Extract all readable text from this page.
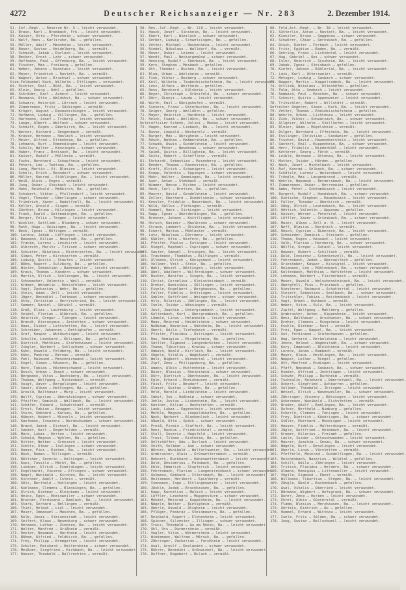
4272	Deutscher Reichsanzeiger — Nr. 283	2. Dezember 1914.
51. Inf.-Regt. — Reserve Nr. 5 — leicht verwundet.
52. Braun, Karl — Brombach, Frk. — leicht verwundet.
53. Kaiser, Otto — Pforzheim — schwer verwundet.
54. Wolf, Hans — Karlsruhe, Ba. — gefallen.
55. Müller, Adolf — Mannheim — leicht verwundet.
56. Bauer, Gustav — Heidelberg, Ba. — vermißt.
57. Schmidt, Jakob — Durlach — leicht verwundet.
58. Becker, Ernst — Lahr — schwer verwundet.
59. Hoffmann, Paul — Offenburg, Ba. — leicht verwundet.
60. Fischer, Max — Freiburg — gefallen.
61. Weber, Johann — Konstanz — leicht verwundet.
62. Meyer, Friedrich — Rastatt, Ba. — vermißt.
63. Wagner, Anton — Bruchsal — schwer verwundet.
Vize-Feldwebel Koch, Wilhelm — Ettlingen — verwundet.
64. Richter, Emil — Bühl, Ba. — leicht verwundet.
65. Klein, Georg — Kehl — gefallen.
66. Schröder, Karl — Achern — leicht verwundet.
67. Neumann, Otto — Waldshut, Ba. — schwer verwundet.
68. Schwarz, Heinrich — Lörrach — leicht verwundet.
69. Zimmermann, Fritz — Säckingen — vermißt.
70. Krüger, August — Donaueschingen — leicht verwundet.
71. Hofmann, Ludwig — Villingen, Ba. — gefallen.
72. Hartmann, Josef — Triberg — leicht verwundet.
73. Lange, Albert — Wolfach — schwer verwundet.
74. Schmitt, Eugen — Oberkirch, Ba. — leicht verwundet.
75. Werner, Richard — Gengenbach — vermißt.
76. Krause, Hermann — Haslach — leicht verwundet.
77. Meier, Alfred — Ettenheim, Ba. — gefallen.
78. Lehmann, Kurt — Emmendingen — leicht verwundet.
79. Schulz, Walter — Kenzingen — schwer verwundet.
80. Huber, Franz — Breisach, Ba. — leicht verwundet.
81. Kaiser, Rudolf — Müllheim — vermißt.
82. Fuchs, Bernhard — Schopfheim — leicht verwundet.
83. Peters, Leo — Todtnau, Ba. — gefallen.
84. Lang, Martin — St. Blasien — leicht verwundet.
85. Scholz, Erich — Bonndorf — schwer verwundet.
86. Möller, Konrad — Stühlingen, Ba. — leicht verwundet.
87. Weiß, Alois — Engen — vermißt.
88. Jung, Oskar — Stockach — leicht verwundet.
89. Hahn, Reinhold — Meßkirch, Ba. — gefallen.
90. Schubert, Viktor — Pfullendorf — leicht verwundet.
91. Vogel, Theodor — Überlingen — schwer verwundet.
92. Friedrich, Xaver — Radolfzell, Ba. — leicht verwundet.
93. Keller, Arnold — Singen — vermißt.
94. Günther, Bruno — Hilzingen — leicht verwundet.
95. Frank, Ewald — Gottmadingen, Ba. — gefallen.
96. Berger, Felix — Tengen — leicht verwundet.
97. Winkler, Gottlieb — Blumberg — schwer verwundet.
98. Roth, Hugo — Geisingen, Ba. — leicht verwundet.
99. Beck, Ignaz — Hüfingen — vermißt.
100. Lorenz, Jakob — Löffingen — leicht verwundet.
101. Baumann, Kilian — Neustadt, Ba. — gefallen.
102. Franke, Lorenz — Lenzkirch — leicht verwundet.
103. Albrecht, Moritz — Titisee — schwer verwundet.
104. Schuster, Nikolaus — Hinterzarten, Ba. — leicht verwundet.
105. Simon, Peter — Kirchzarten — vermißt.
106. Ludwig, Quirin — Staufen — leicht verwundet.
107. Böhm, Rupert — Sulzburg, Ba. — gefallen.
108. Winter, Sebastian — Badenweiler — leicht verwundet.
109. Kraus, Thomas — Kandern — schwer verwundet.
110. Martin, Ulrich — Schliengen, Ba. — leicht verwundet.
111. Schumacher, Valentin — Weil — vermißt.
112. Krämer, Wendelin — Rheinfelden — leicht verwundet.
113. Vogt, Zacharias — Wehr, Ba. — gefallen.
114. Stein, Adam — Zell — leicht verwundet.
115. Jäger, Benedikt — Todtmoos — schwer verwundet.
116. Otto, Christian — Herrischried, Ba. — leicht verwundet.
117. Sommer, Daniel — Görwihl — vermißt.
118. Groß, Elias — Laufenburg — leicht verwundet.
119. Seidel, Florian — Albbruck, Ba. — gefallen.
120. Heinrich, Gregor — Tiengen — leicht verwundet.
121. Brandt, Hieronymus — Jestetten — schwer verwundet.
122. Haas, Isidor — Lottstetten, Ba. — leicht verwundet.
123. Schreiber, Johannes — Dettighofen — vermißt.
124. Graf, Kaspar — Wutöschingen — leicht verwundet.
125. Schulte, Leonhard — Ühlingen, Ba. — gefallen.
126. Dietrich, Matthias — Grafenhausen — leicht verwundet.
127. Ziegler, Norbert — Schluchsee — schwer verwundet.
128. Kuhn, Oswald — Feldberg, Ba. — leicht verwundet.
129. Kühn, Pankraz — Bernau — vermißt.
130. Pohl, Raimund — Menzenschwand — leicht verwundet.
131. Engel, Simon — Häusern, Ba. — gefallen.
132. Horn, Tobias — Höchenschwand — leicht verwundet.
133. Busch, Urban — Ibach — schwer verwundet.
134. Bergmann, Vitus — Dachsberg, Ba. — leicht verwundet.
135. Thomas, Wolfgang — Rickenbach — vermißt.
136. Voigt, Xaver — Bergalingen — leicht verwundet.
137. Sauer, Alban — Hottingen, Ba. — gefallen.
138. Arnold, Balthasar — Murg — leicht verwundet.
139. Wolff, Cyprian — Obersäckingen — schwer verwundet.
140. Pfeiffer, Dominik — Wallbach, Ba. — leicht verwundet.
141. Schäfer, Eduard — Schwörstadt — vermißt.
142. Ernst, Fabian — Beuggen — leicht verwundet.
143. Sturm, Gebhard — Karsau, Ba. — gefallen.
144. Hübner, Hubert — Minseln — leicht verwundet.
145. Kaufmann, Innozenz — Nordschwaben — schwer verwundet.
146. Brand, Jodok — Eichsel, Ba. — leicht verwundet.
147. Sander, Karl — Degerfelden — vermißt.
148. Marx, Lukas — Herten — leicht verwundet.
149. Schmid, Magnus — Wyhlen, Ba. — gefallen.
150. Ritter, Notker — Grenzach — leicht verwundet.
151. Schütz, Otmar — Inzlingen — schwer verwundet.
152. Haase, Pius — Riehen, Ba. — leicht verwundet.
153. Bock, Roman — Tüllingen — vermißt.
154. Böttcher, Severin — Haltingen — leicht verwundet.
155. Kunz, Tassilo — Märkt, Ba. — gefallen.
156. Lindner, Ulrich — Eimeldingen — leicht verwundet.
157. Engelhardt, Vinzenz — Efringen — schwer verwundet.
158. Nagel, Wunibald — Kirchen, Ba. — leicht verwundet.
159. Kirchner, Adolf — Istein — vermißt.
160. Götz, Berthold — Huttingen — leicht verwundet.
161. Kuhlmann, Clemens — Blansingen, Ba. — gefallen.
162. Ulrich, Dietmar — Kleinkems — leicht verwundet.
163. Heinz, Egon — Rheinweiler — schwer verwundet.
164. Brunner, Ferdinand — Bamlach, Ba. — leicht verwundet.
165. Stark, Gerhard — Bellingen — vermißt.
166. Thiel, Helmut — Liel — leicht verwundet.
167. Maier, Immanuel — Mauchen, Ba. — gefallen.
168. Kolb, Jonas — Steinenstadt — leicht verwundet.
169. Seifert, Klaus — Neuenburg — schwer verwundet.
170. Hermann, Lothar — Zienken, Ba. — leicht verwundet.
171. Walter, Manfred — Grißheim — vermißt.
172. Reuter, Nepomuk — Hartheim — leicht verwundet.
173. Böhme, Otfried — Feldkirch, Ba. — gefallen.
174. Frey, Philipp — Bremgarten — leicht verwundet.
175. Schuler, Reinhard — Heitersheim — schwer verwundet.
176. Meißner, Siegfried — Eschbach, Ba. — leicht verwundet.
177. Hauser, Theobald — Ballrechten — vermißt.
50. Res.-Inf.-Regt. — Nr. 110 — leicht verwundet.
51. Hauck, Josef — Sinsheim, Ba. — leicht verwundet.
52. Ebert, Karl — Wiesloch — schwer verwundet.
53. Gerber, Ludwig — Schwetzingen, Ba. — gefallen.
54. Vetter, Michael — Hockenheim — leicht verwundet.
55. Riedel, Nikolaus — Walldorf, Ba. — vermißt.
56. Moser, Oskar — Leimen — leicht verwundet.
57. Wendt, Paul — Neckargemünd — schwer verwundet.
58. Henning, Rudolf — Eberbach, Ba. — leicht verwundet.
59. Kern, Stephan — Mosbach — gefallen.
60. Ott, Theodor — Buchen, Ba. — leicht verwundet.
61. Blum, Urban — Adelsheim — vermißt.
62. Fink, Viktor — Boxberg — schwer verwundet.
63. Keil, Wilhelm — Tauberbischofsheim, Ba. — leicht verwundet.
64. Lenz, Alfons — Wertheim — gefallen.
65. Hess, Bernhard — Külsheim — leicht verwundet.
66. Beyer, Christoph — Grünsfeld, Ba. — schwer verwundet.
67. Dörr, Dionys — Lauda — leicht verwundet.
68. Wirth, Emil — Königshofen — vermißt.
69. Sievers, Franz — Osterburken, Ba. — leicht verwundet.
70. Geiger, Georg — Walldürn — gefallen.
71. Mayer, Heinrich — Hardheim — leicht verwundet.
72. Reich, Isaak — Walldürn, Ba. — schwer verwundet.
Unteroffizier Schenk, Julius — Mudau — leicht verwundet.
73. Hagen, Konrad — Limbach, Ba. — leicht verwundet.
74. Busse, Leopold — Neckarelz — vermißt.
75. Burger, Max — Obrigheim — leicht verwundet.
76. Rösch, Nathan — Haßmersheim, Ba. — gefallen.
77. Schwab, Oswin — Gundelsheim — leicht verwundet.
78. Kurz, Peter — Neudenau — schwer verwundet.
79. Spieß, Quirin — Billigheim, Ba. — leicht verwundet.
80. Seitz, Robert — Schefflenz — vermißt.
81. Ehrhardt, Sebastian — Rosenberg — leicht verwundet.
82. Bender, Thomas — Ravenstein, Ba. — gefallen.
83. Kraft, Ulrich — Schweigern — leicht verwundet.
84. Knapp, Valentin — Eppingen — schwer verwundet.
85. Mohr, Walter — Gemmingen, Ba. — leicht verwundet.
86. Auer, Anton — Stebbach — vermißt.
87. Wimmer, Benno — Richen — leicht verwundet.
88. Heck, Carl — Bretten, Ba. — gefallen.
89. Maurer, David — Gondelsheim — leicht verwundet.
90. Zeller, Eberhard — Diedelsheim — schwer verwundet.
91. Kessler, Fridolin — Bauerbach, Ba. — leicht verwundet.
92. Wild, Gallus — Flehingen — vermißt.
93. Hummel, Hans — Sickingen — leicht verwundet.
94. Rapp, Ignaz — Oberderdingen, Ba. — gefallen.
95. Brenner, Johann — Knittlingen — leicht verwundet.
96. Hirsch, Kasimir — Maulbronn — schwer verwundet.
97. Straub, Lambert — Ötisheim, Ba. — leicht verwundet.
98. Eckert, Markus — Mühlacker — vermißt.
99. Lutz, Nikolaus — Dürrmenz — leicht verwundet.
100. Kübler, Otto — Niefern, Ba. — gefallen.
101. Pfeifer, Paulus — Eutingen — leicht verwundet.
102. Riegel, Raphael — Ispringen — schwer verwundet.
103. Sauter, Samuel — Ersingen, Ba. — leicht verwundet.
104. Trautmann, Thaddäus — Bilfingen — vermißt.
105. Ullmann, Ulrich — Königsbach — leicht verwundet.
106. Vollmer, Veit — Stein, Ba. — gefallen.
107. Wahl, Wenzel — Nöttingen — leicht verwundet.
108. Abel, Adalbert — Wilferdingen — schwer verwundet.
109. Bucher, Bonifaz — Singen, Ba. — leicht verwundet.
110. Christ, Cornelius — Kleinsteinbach — vermißt.
111. Dreher, Dominikus — Söllingen — leicht verwundet.
112. Eisele, Engelbert — Berghausen, Ba. — gefallen.
113. Faller, Fidelis — Grötzingen — leicht verwundet.
114. Gabler, Gottfried — Weingarten — schwer verwundet.
115. Hils, Hilarius — Jöhlingen, Ba. — leicht verwundet.
116. Isele, Isidor — Wössingen — vermißt.
117. Jost, Joachim — Untergrombach — leicht verwundet.
118. Kaltenbach, Kurt — Obergrombach, Ba. — gefallen.
119. Lämmle, Linus — Helmsheim — leicht verwundet.
120. Maas, Meinrad — Heidelsheim — schwer verwundet.
121. Nußbaum, Nazarius — Odenheim, Ba. — leicht verwundet.
122. Obert, Odilo — Tiefenbach — vermißt.
123. Pfister, Placidus — Östringen — leicht verwundet.
124. Rau, Remigius — Mingolsheim, Ba. — gefallen.
125. Sattler, Sigmund — Langenbrücken — leicht verwundet.
126. Thoma, Tiburtius — Kronau — schwer verwundet.
127. Umbach, Ubald — Kirrlach, Ba. — leicht verwundet.
128. Vögele, Vitalis — Waghäusel — vermißt.
129. Walz, Wigbert — Wiesental — leicht verwundet.
130. Zipf, Zeno — Philippsburg, Ba. — gefallen.
131. Amann, Albin — Huttenheim — leicht verwundet.
132. Baier, Blasius — Rheinsheim — schwer verwundet.
133. Dürr, Dietrich — Oberhausen, Ba. — leicht verwundet.
134. Egle, Erhard — Rheinhausen — vermißt.
135. Faist, Fritz — Neudorf — leicht verwundet.
136. Glaser, Gustav — Graben, Ba. — gefallen.
137. Held, Harald — Liedolsheim — leicht verwundet.
138. Imhof, Ivo — Rußheim — schwer verwundet.
139. Jehle, Justus — Linkenheim, Ba. — leicht verwundet.
140. Kastner, Kilian — Hochstetten — vermißt.
141. Laub, Lukas — Eggenstein — leicht verwundet.
142. Merkle, Magnus — Leopoldshafen, Ba. — gefallen.
143. Nock, Norbert — Blankenloch — leicht verwundet.
144. Oßwald, Otto — Spöck — schwer verwundet.
145. Preiß, Pirmin — Staffort, Ba. — leicht verwundet.
146. Renz, Rochus — Friedrichstal — vermißt.
147. Stoll, Severin — Hagsfeld — leicht verwundet.
148. Trost, Tilman — Rintheim, Ba. — gefallen.
149. Ueltzhöffer, Udo — Durlach — leicht verwundet.
150. Veith, Volkmar — Aue — schwer verwundet.
151. Wörner, Wunibald — Wolfartsweier, Ba. — leicht verwundet.
152. Armbruster, Alois — Grünwettersbach — vermißt.
153. Bohnert, Burkhard — Hohenwettersbach — leicht verwundet.
154. Dold, Desiderius — Palmbach, Ba. — gefallen.
155. Eble, Emmerich — Stupferich — leicht verwundet.
156. Fehrenbach, Florian — Langensteinbach — schwer verwundet.
157. Gutmann, Gebhard — Ittersbach, Ba. — leicht verwundet.
158. Heitzmann, Heribert — Spielberg — vermißt.
159. Isenmann, Ingo — Ettlingenweier — leicht verwundet.
160. Jäckle, Jodok — Bruchhausen, Ba. — gefallen.
161. Kopp, Kornelius — Malsch — leicht verwundet.
162. Löffler, Leonhard — Muggensturm — schwer verwundet.
163. Mündel, Meinrad — Kuppenheim, Ba. — leicht verwundet.
164. Nägele, Notker — Bietigheim — vermißt.
165. Oberle, Oswald — Ötigheim — leicht verwundet.
166. Pflüger, Pankraz — Steinmauern, Ba. — gefallen.
167. Reinbold, Rupert — Elchesheim — leicht verwundet.
168. Spinner, Silvester — Illingen — schwer verwundet.
169. Trunz, Theobald — Au am Rhein, Ba. — leicht verwundet.
170. Uhl, Urs — Durmersheim — vermißt.
171. Vogler, Vitus — Würmersheim — leicht verwundet.
172. Wiedemann, Wolfram — Mörsch, Ba. — gefallen.
173. Zähringer, Zacharias — Forchheim — leicht verwundet.
174. Asal, Arnulf — Daxlanden — schwer verwundet.
175. Bührer, Benedikt — Grünwinkel, Ba. — leicht verwundet.
176. Duffner, Dagobert — Bulach — vermißt.
60. Feld-Art.-Regt. — Nr. 30 — leicht verwundet.
61. Sütterlin, Anton — Rastatt, Ba. — leicht verwundet.
62. Kienzler, Bruno — Gaggenau — schwer verwundet.
63. Schwörer, Cäsar — Gernsbach, Ba. — gefallen.
64. Disch, Dieter — Forbach — leicht verwundet.
65. Fritz, Egidius — Baden, Ba. — vermißt.
66. Gehring, Franz — Lichtental — leicht verwundet.
67. Hug, Gabriel — Oos — schwer verwundet.
68. Isler, Heinrich — Sinzheim, Ba. — leicht verwundet.
69. Jakob, Ignaz — Steinbach — gefallen.
70. Kiefer, Johann — Bühlertal, Ba. — leicht verwundet.
71. Lais, Karl — Ottersweier — vermißt.
72. Metzger, Ludwig — Sasbach — schwer verwundet.
73. Nopper, Martin — Kappelrodeck, Ba. — leicht verwundet.
74. Ortlieb, Nikolaus — Ottenhöfen — gefallen.
75. Palm, Otto — Seebach — leicht verwundet.
76. Rombach, Paul — Renchen, Ba. — schwer verwundet.
77. Schnurr, Quirin — Appenweier — leicht verwundet.
78. Tritschler, Robert — Willstätt — vermißt.
Gefreiter Ungerer, Simon — Kork, Ba. — leicht verwundet.
79. Vetter, Thomas — Rheinbischofsheim — gefallen.
80. Wehrle, Urban — Lichtenau — leicht verwundet.
81. Zink, Viktor — Schwarzach, Ba. — schwer verwundet.
82. Allgeier, Wilhelm — Stollhofen — leicht verwundet.
83. Bleier, Adam — Hügelsheim — vermißt.
84. Dilger, Bernhard — Iffezheim, Ba. — leicht verwundet.
85. Esslinger, Christian — Sandweier — gefallen.
86. Fischer, David — Haueneberstein — leicht verwundet.
87. Gantert, Emil — Kuppenheim, Ba. — schwer verwundet.
88. Herr, Fridolin — Niederbühl — leicht verwundet.
89. Ketterer, Georg — Förch — vermißt.
90. Leible, Hermann — Ottenau, Ba. — leicht verwundet.
91. Mutter, Isidor — Hörden — gefallen.
92. Nock, Josef — Michelbach — leicht verwundet.
93. Ruf, Konrad — Selbach, Ba. — schwer verwundet.
94. Schätzle, Lorenz — Weisenbach — leicht verwundet.
95. Tröndle, Max — Langenbrand — vermißt.
96. Wehrle, Nepomuk — Bermersbach, Ba. — leicht verwundet.
97. Zimmermann, Oskar — Herrenwies — gefallen.
98. Ambs, Peter — Schönmünzach — leicht verwundet.
99. Burgert, Rudolf — Hundsbach, Ba. — schwer verwundet.
100. Dietsche, Stephan — Raumünzach — leicht verwundet.
101. Faller, Theodor — Oberkirch — vermißt.
102. Gäng, Ulrich — Lautenbach, Ba. — leicht verwundet.
103. Hättich, Valentin — Oppenau — gefallen.
104. Kaiser, Werner — Peterstal — leicht verwundet.
105. Löffler, Xaver — Griesbach, Ba. — schwer verwundet.
106. Maier, Alban — Zell a. H. — leicht verwundet.
107. Neff, Blasius — Nordrach — vermißt.
108. Rösch, Cyprian — Biberach, Ba. — leicht verwundet.
109. Schmieder, Dominik — Steinach — gefallen.
110. Thoma, Eugen — Hausach — leicht verwundet.
111. Volk, Florian — Hornberg, Ba. — schwer verwundet.
112. Wölfle, Gregor — Gutach — leicht verwundet.
113. Baumer, Hubert — Schiltach — vermißt.
114. Dold, Innozenz — Schenkenzell, Ba. — leicht verwundet.
115. Fehrenbach, Jodok — Oberwolfach — gefallen.
116. Grieshaber, Kaspar — Kinzigtal — leicht verwundet.
117. Heizmann, Leo — Mühlenbach, Ba. — schwer verwundet.
118. Kaltenbach, Matthias — Hofstetten — leicht verwundet.
119. Lehmann, Norbert — Fischerbach — vermißt.
120. Moser, Oswald — Welschensteinach, Ba. — leicht verwundet.
121. Obergfell, Pius — Prinzbach — gefallen.
122. Riesterer, Raimund — Schuttertal — leicht verwundet.
123. Steiert, Sebastian — Seelbach, Ba. — schwer verwundet.
124. Tritschler, Tobias — Reichenbach — leicht verwundet.
125. Vogt, Urban — Kuhbach — vermißt.
126. Weber, Vitus — Sulz, Ba. — leicht verwundet.
127. Zipfel, Wolfgang — Mahlberg — gefallen.
128. Armbruster, Anton — Kippenheim — leicht verwundet.
129. Benz, Balthasar — Orschweier, Ba. — schwer verwundet.
130. Dreher, Clemens — Ringsheim — leicht verwundet.
131. Eschle, Dietmar — Rust — vermißt.
132. Frei, Egon — Kappel, Ba. — leicht verwundet.
133. Gut, Ferdinand — Grafenhausen — gefallen.
134. Hog, Gerhard — Herbolzheim — leicht verwundet.
135. Jenne, Helmut — Wagenstadt, Ba. — schwer verwundet.
136. Kury, Immanuel — Bleichheim — leicht verwundet.
137. Lorenz, Jonas — Bombach — vermißt.
138. Mayer, Klaus — Hecklingen, Ba. — leicht verwundet.
139. Nopper, Lothar — Riegel — gefallen.
140. Ott, Manfred — Endingen — leicht verwundet.
141. Pfaff, Nepomuk — Sasbach, Ba. — schwer verwundet.
142. Rieder, Otfried — Jechtingen — leicht verwundet.
143. Schwär, Philipp — Burkheim — vermißt.
144. Tscheulin, Reinhard — Oberrotweil, Ba. — leicht verwundet.
145. Ückert, Siegfried — Achkarren — gefallen.
146. Vollmer, Theobald — Ihringen — leicht verwundet.
147. Wetzel, Ulrich — Wasenweiler, Ba. — schwer verwundet.
148. Zähringer, Vinzenz — Bötzingen — leicht verwundet.
149. Ackermann, Wunibald — Eichstetten — vermißt.
150. Bruder, Adolf — Bahlingen, Ba. — leicht verwundet.
151. Dufner, Berthold — Nimburg — gefallen.
152. Eckerle, Clemens — Teningen — leicht verwundet.
153. Frey, Dietrich — Köndringen, Ba. — schwer verwundet.
154. Gißler, Eberhard — Mundingen — leicht verwundet.
155. Hauser, Fidelis — Malterdingen — vermißt.
156. Jägle, Gottfried — Heimbach, Ba. — leicht verwundet.
157. Kromer, Hilarius — Freiamt — gefallen.
158. Laule, Isidor — Ottoschwanden — leicht verwundet.
159. Maurer, Joachim — Sexau, Ba. — schwer verwundet.
160. Nägele, Kurt — Denzlingen — leicht verwundet.
161. Oberle, Linus — Vörstetten — vermißt.
162. Pfefferle, Meinrad — Gundelfingen, Ba. — leicht verwundet.
163. Reichenbach, Nazarius — Wildtal — gefallen.
164. Schill, Odilo — Zähringen — leicht verwundet.
165. Tritsch, Placidus — Herdern, Ba. — schwer verwundet.
166. Ulmann, Remigius — Littenweiler — leicht verwundet.
167. Vögtle, Sigmund — Ebnet — vermißt.
168. Willmann, Tiburtius — Stegen, Ba. — leicht verwundet.
169. Zängle, Ubald — Buchenbach — gefallen.
170. Asal, Vitalis — Oberried — leicht verwundet.
171. Bärmann, Wigbert — Hofsgrund, Ba. — schwer verwundet.
172. Dorer, Zeno — Horben — leicht verwundet.
173. Ehret, Albin — Günterstal — vermißt.
174. Flamm, Blasius — Merzhausen, Ba. — leicht verwundet.
175. Gerteis, Dietrich — Au — gefallen.
176. Hummel, Erhard — Wittnau — leicht verwundet.
177. Isele, Fritz — Sölden, Ba. — schwer verwundet.
178. Jung, Gustav — Bollschweil — leicht verwundet.
